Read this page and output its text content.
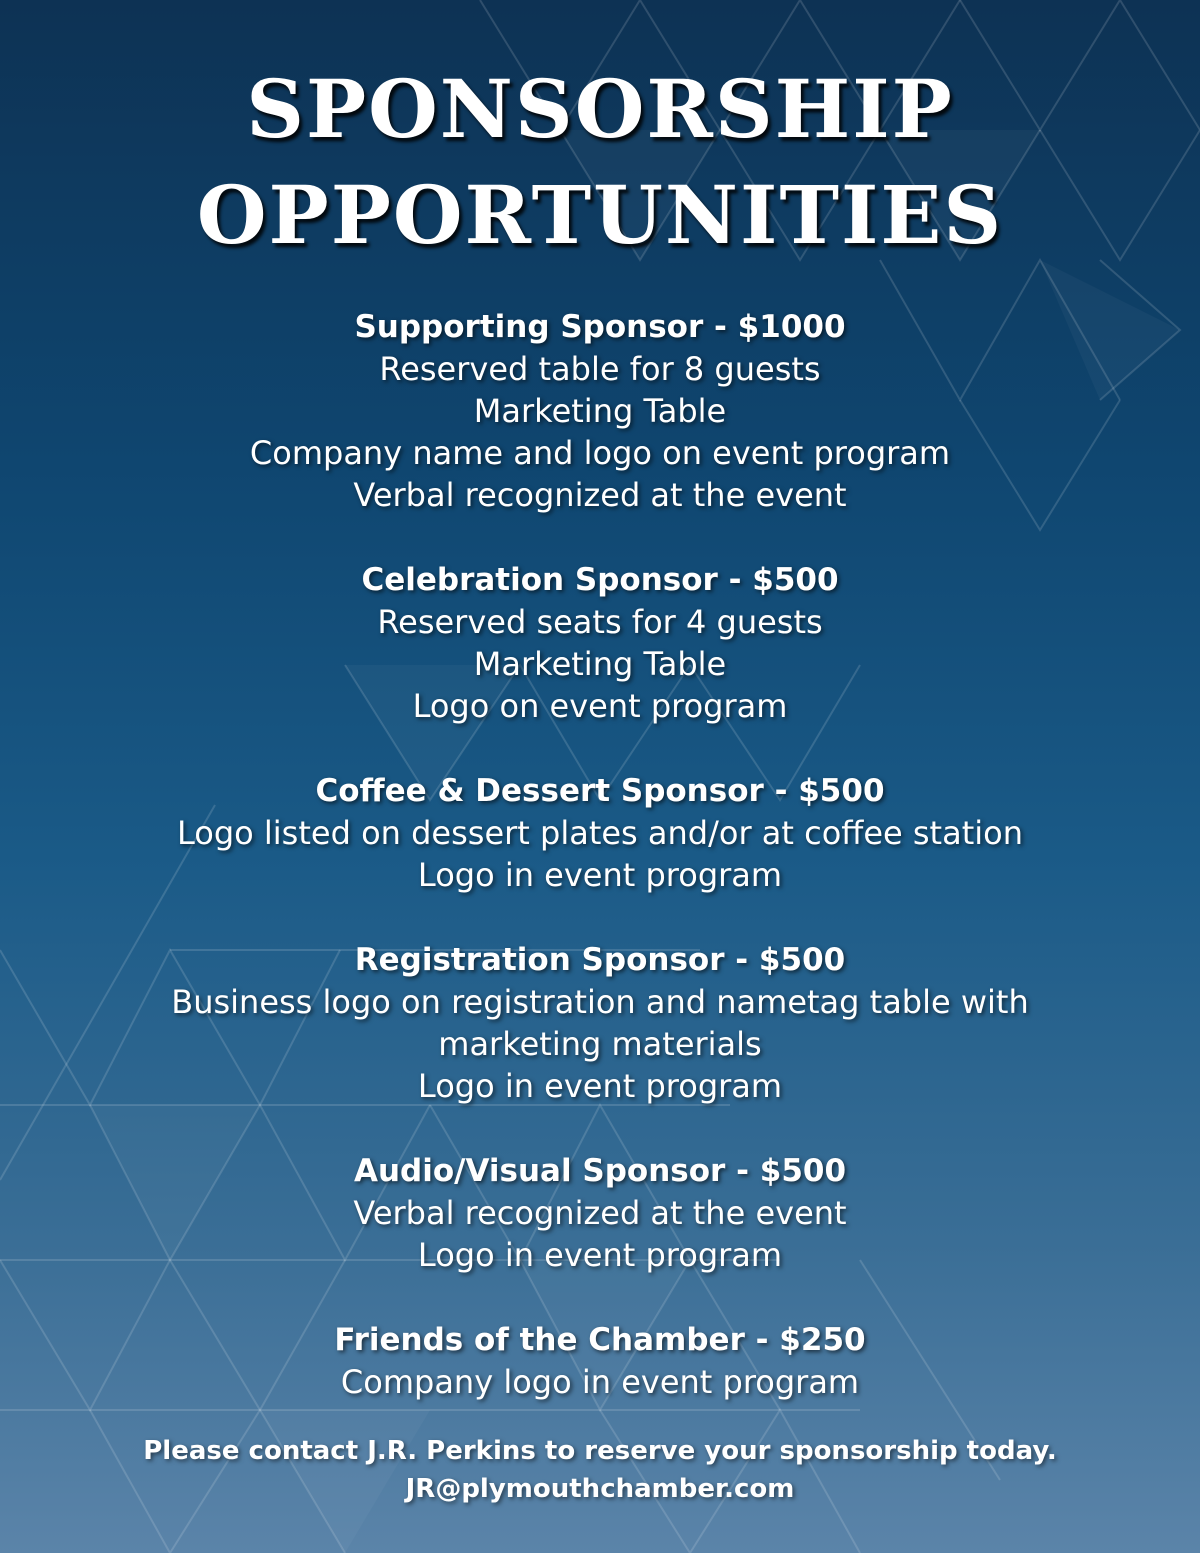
SPONSORSHIP
OPPORTUNITIES
Supporting Sponsor - $1000
Reserved table for 8 guests
Marketing Table
Company name and logo on event program
Verbal recognized at the event
Celebration Sponsor - $500
Reserved seats for 4 guests
Marketing Table
Logo on event program
Coffee & Dessert Sponsor - $500
Logo listed on dessert plates and/or at coffee station
Logo in event program
Registration Sponsor - $500
Business logo on registration and nametag table with
marketing materials
Logo in event program
Audio/Visual Sponsor - $500
Verbal recognized at the event
Logo in event program
Friends of the Chamber - $250
Company logo in event program
Please contact J.R. Perkins to reserve your sponsorship today.
JR@plymouthchamber.com
